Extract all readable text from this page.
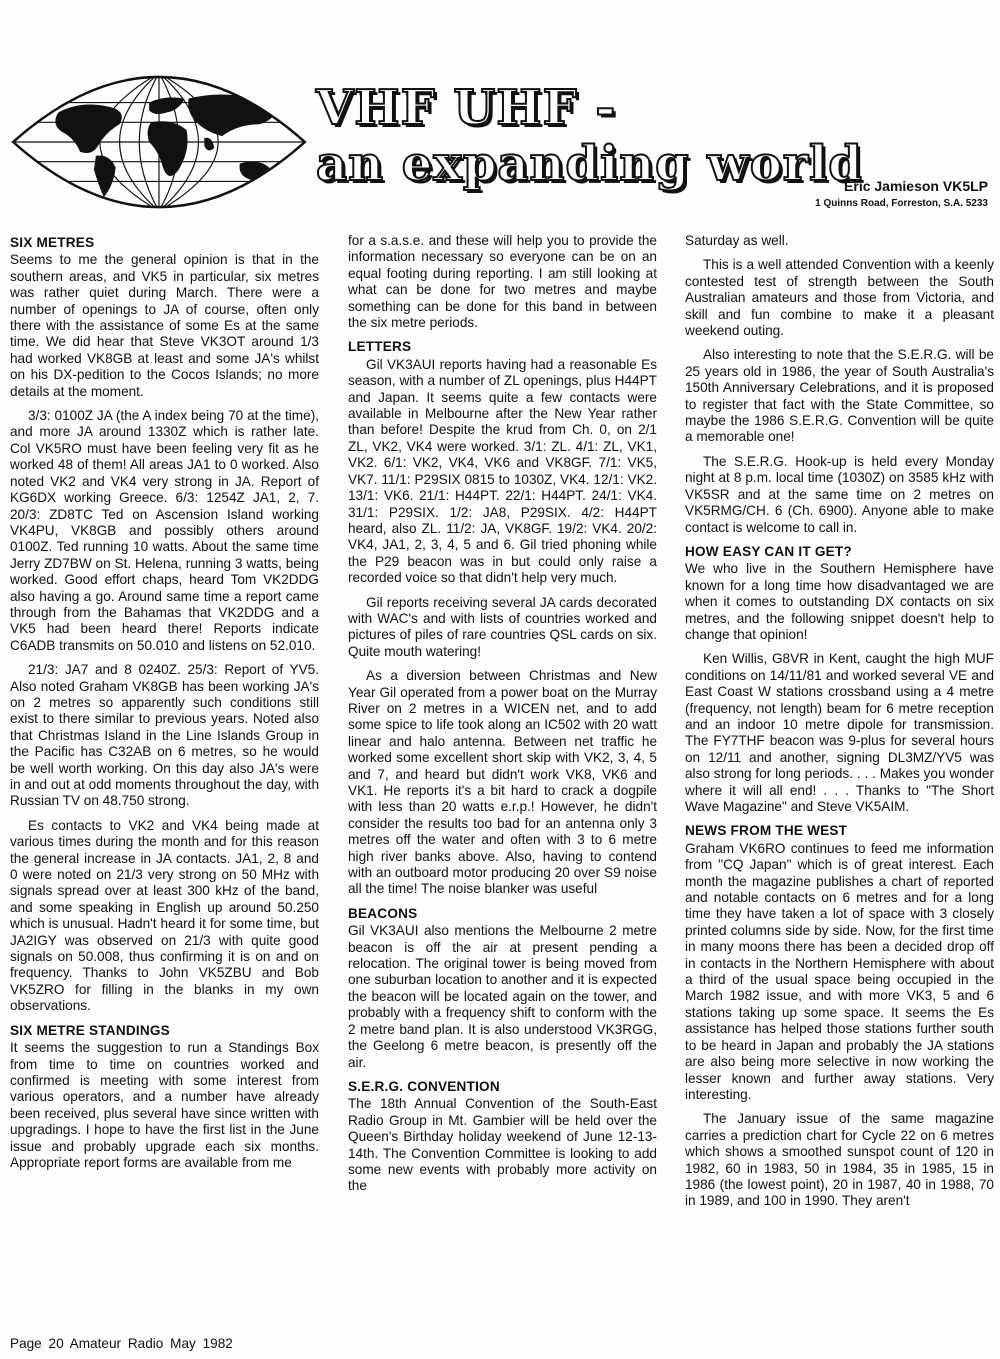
VHF UHF -
an expanding world
Eric Jamieson VK5LP
1 Quinns Road, Forreston, S.A. 5233
SIX METRES

Seems to me the general opinion is that in the southern areas, and VK5 in particular, six metres was rather quiet during March. There were a number of openings to JA of course, often only there with the assistance of some Es at the same time. We did hear that Steve VK3OT around 1/3 had worked VK8GB at least and some JA's whilst on his DX-pedition to the Cocos Islands; no more details at the moment.

3/3: 0100Z JA (the A index being 70 at the time), and more JA around 1330Z which is rather late. Col VK5RO must have been feeling very fit as he worked 48 of them! All areas JA1 to 0 worked. Also noted VK2 and VK4 very strong in JA. Report of KG6DX working Greece. 6/3: 1254Z JA1, 2, 7. 20/3: ZD8TC Ted on Ascension Island working VK4PU, VK8GB and possibly others around 0100Z. Ted running 10 watts. About the same time Jerry ZD7BW on St. Helena, running 3 watts, being worked. Good effort chaps, heard Tom VK2DDG also having a go. Around same time a report came through from the Bahamas that VK2DDG and a VK5 had been heard there! Reports indicate C6ADB transmits on 50.010 and listens on 52.010.

21/3: JA7 and 8 0240Z. 25/3: Report of YV5. Also noted Graham VK8GB has been working JA's on 2 metres so apparently such conditions still exist to there similar to previous years. Noted also that Christmas Island in the Line Islands Group in the Pacific has C32AB on 6 metres, so he would be well worth working. On this day also JA's were in and out at odd moments throughout the day, with Russian TV on 48.750 strong.

Es contacts to VK2 and VK4 being made at various times during the month and for this reason the general increase in JA contacts. JA1, 2, 8 and 0 were noted on 21/3 very strong on 50 MHz with signals spread over at least 300 kHz of the band, and some speaking in English up around 50.250 which is unusual. Hadn't heard it for some time, but JA2IGY was observed on 21/3 with quite good signals on 50.008, thus confirming it is on and on frequency. Thanks to John VK5ZBU and Bob VK5ZRO for filling in the blanks in my own observations.

SIX METRE STANDINGS

It seems the suggestion to run a Standings Box from time to time on countries worked and confirmed is meeting with some interest from various operators, and a number have already been received, plus several have since written with upgradings. I hope to have the first list in the June issue and probably upgrade each six months. Appropriate report forms are available from me

for a s.a.s.e. and these will help you to provide the information necessary so everyone can be on an equal footing during reporting. I am still looking at what can be done for two metres and maybe something can be done for this band in between the six metre periods.

LETTERS

Gil VK3AUI reports having had a reasonable Es season, with a number of ZL openings, plus H44PT and Japan. It seems quite a few contacts were available in Melbourne after the New Year rather than before! Despite the krud from Ch. 0, on 2/1 ZL, VK2, VK4 were worked. 3/1: ZL. 4/1: ZL, VK1, VK2. 6/1: VK2, VK4, VK6 and VK8GF. 7/1: VK5, VK7. 11/1: P29SIX 0815 to 1030Z, VK4. 12/1: VK2. 13/1: VK6. 21/1: H44PT. 22/1: H44PT. 24/1: VK4. 31/1: P29SIX. 1/2: JA8, P29SIX. 4/2: H44PT heard, also ZL. 11/2: JA, VK8GF. 19/2: VK4. 20/2: VK4, JA1, 2, 3, 4, 5 and 6. Gil tried phoning while the P29 beacon was in but could only raise a recorded voice so that didn't help very much.

Gil reports receiving several JA cards decorated with WAC's and with lists of countries worked and pictures of piles of rare countries QSL cards on six. Quite mouth watering!

As a diversion between Christmas and New Year Gil operated from a power boat on the Murray River on 2 metres in a WICEN net, and to add some spice to life took along an IC502 with 20 watt linear and halo antenna. Between net traffic he worked some excellent short skip with VK2, 3, 4, 5 and 7, and heard but didn't work VK8, VK6 and VK1. He reports it's a bit hard to crack a dogpile with less than 20 watts e.r.p.! However, he didn't consider the results too bad for an antenna only 3 metres off the water and often with 3 to 6 metre high river banks above. Also, having to contend with an outboard motor producing 20 over S9 noise all the time! The noise blanker was useful

BEACONS

Gil VK3AUI also mentions the Melbourne 2 metre beacon is off the air at present pending a relocation. The original tower is being moved from one suburban location to another and it is expected the beacon will be located again on the tower, and probably with a frequency shift to conform with the 2 metre band plan. It is also understood VK3RGG, the Geelong 6 metre beacon, is presently off the air.

S.E.R.G. CONVENTION

The 18th Annual Convention of the South-East Radio Group in Mt. Gambier will be held over the Queen's Birthday holiday weekend of June 12-13-14th. The Convention Committee is looking to add some new events with probably more activity on the

Saturday as well.

This is a well attended Convention with a keenly contested test of strength between the South Australian amateurs and those from Victoria, and skill and fun combine to make it a pleasant weekend outing.

Also interesting to note that the S.E.R.G. will be 25 years old in 1986, the year of South Australia's 150th Anniversary Celebrations, and it is proposed to register that fact with the State Committee, so maybe the 1986 S.E.R.G. Convention will be quite a memorable one!

The S.E.R.G. Hook-up is held every Monday night at 8 p.m. local time (1030Z) on 3585 kHz with VK5SR and at the same time on 2 metres on VK5RMG/CH. 6 (Ch. 6900). Anyone able to make contact is welcome to call in.

HOW EASY CAN IT GET?

We who live in the Southern Hemisphere have known for a long time how disadvantaged we are when it comes to outstanding DX contacts on six metres, and the following snippet doesn't help to change that opinion!

Ken Willis, G8VR in Kent, caught the high MUF conditions on 14/11/81 and worked several VE and East Coast W stations crossband using a 4 metre (frequency, not length) beam for 6 metre reception and an indoor 10 metre dipole for transmission. The FY7THF beacon was 9-plus for several hours on 12/11 and another, signing DL3MZ/YV5 was also strong for long periods. . . . Makes you wonder where it will all end! . . . Thanks to "The Short Wave Magazine" and Steve VK5AIM.

NEWS FROM THE WEST

Graham VK6RO continues to feed me information from "CQ Japan" which is of great interest. Each month the magazine publishes a chart of reported and notable contacts on 6 metres and for a long time they have taken a lot of space with 3 closely printed columns side by side. Now, for the first time in many moons there has been a decided drop off in contacts in the Northern Hemisphere with about a third of the usual space being occupied in the March 1982 issue, and with more VK3, 5 and 6 stations taking up some space. It seems the Es assistance has helped those stations further south to be heard in Japan and probably the JA stations are also being more selective in now working the lesser known and further away stations. Very interesting.

The January issue of the same magazine carries a prediction chart for Cycle 22 on 6 metres which shows a smoothed sunspot count of 120 in 1982, 60 in 1983, 50 in 1984, 35 in 1985, 15 in 1986 (the lowest point), 20 in 1987, 40 in 1988, 70 in 1989, and 100 in 1990. They aren't

Page 20 Amateur Radio May 1982
